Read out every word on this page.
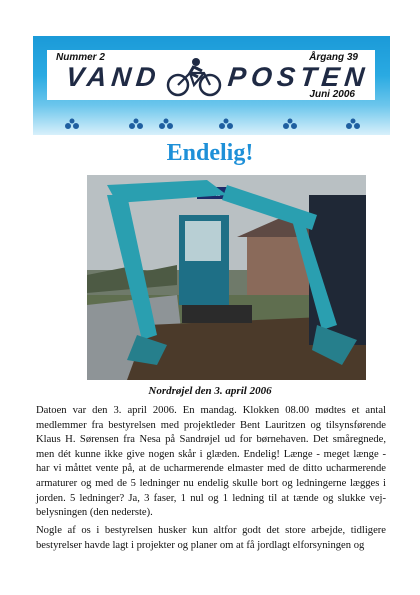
Nummer 2	Årgang 39
VAND POSTEN
Juni 2006
Endelig!
Nordrøjel den 3. april 2006

Datoen var den 3. april 2006. En mandag. Klokken 08.00 mødtes et antal medlemmer fra bestyrelsen med projektleder Bent Lauritzen og tilsynsførende Klaus H. Sørensen fra Nesa på Sandrøjel ud for børnehaven. Det småregnede, men dét kunne ikke give nogen skår i glæden. Endelig! Længe - meget længe - har vi måttet vente på, at de ucharmerende elmaster med de ditto ucharmerende armaturer og med de 5 ledninger nu endelig skulle bort og ledningerne lægges i jorden. 5 ledninger? Ja, 3 faser, 1 nul og 1 ledning til at tænde og slukke vej-belysningen (den nederste).

Nogle af os i bestyrelsen husker kun altfor godt det store arbejde, tidligere bestyrelser havde lagt i projekter og planer om at få jordlagt elforsyningen og
